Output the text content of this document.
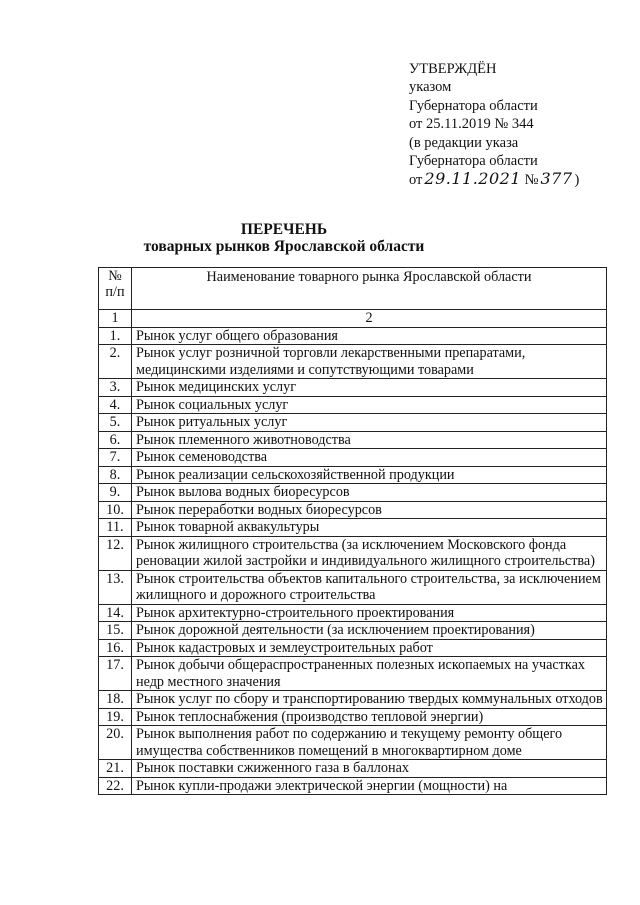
УТВЕРЖДЁН
указом
Губернатора области
от 25.11.2019 № 344
(в редакции указа
Губернатора области
от 29.11.2021 № 377 )
ПЕРЕЧЕНЬ
товарных рынков Ярославской области
№ п/п	Наименование товарного рынка Ярославской области
1	2
1.	Рынок услуг общего образования
2.	Рынок услуг розничной торговли лекарственными препаратами, медицинскими изделиями и сопутствующими товарами
3.	Рынок медицинских услуг
4.	Рынок социальных услуг
5.	Рынок ритуальных услуг
6.	Рынок племенного животноводства
7.	Рынок семеноводства
8.	Рынок реализации сельскохозяйственной продукции
9.	Рынок вылова водных биоресурсов
10.	Рынок переработки водных биоресурсов
11.	Рынок товарной аквакультуры
12.	Рынок жилищного строительства (за исключением Московского фонда реновации жилой застройки и индивидуального жилищного строительства)
13.	Рынок строительства объектов капитального строительства, за исключением жилищного и дорожного строительства
14.	Рынок архитектурно-строительного проектирования
15.	Рынок дорожной деятельности (за исключением проектирования)
16.	Рынок кадастровых и землеустроительных работ
17.	Рынок добычи общераспространенных полезных ископаемых на участках недр местного значения
18.	Рынок услуг по сбору и транспортированию твердых коммунальных отходов
19.	Рынок теплоснабжения (производство тепловой энергии)
20.	Рынок выполнения работ по содержанию и текущему ремонту общего имущества собственников помещений в многоквартирном доме
21.	Рынок поставки сжиженного газа в баллонах
22.	Рынок купли-продажи электрической энергии (мощности) на
